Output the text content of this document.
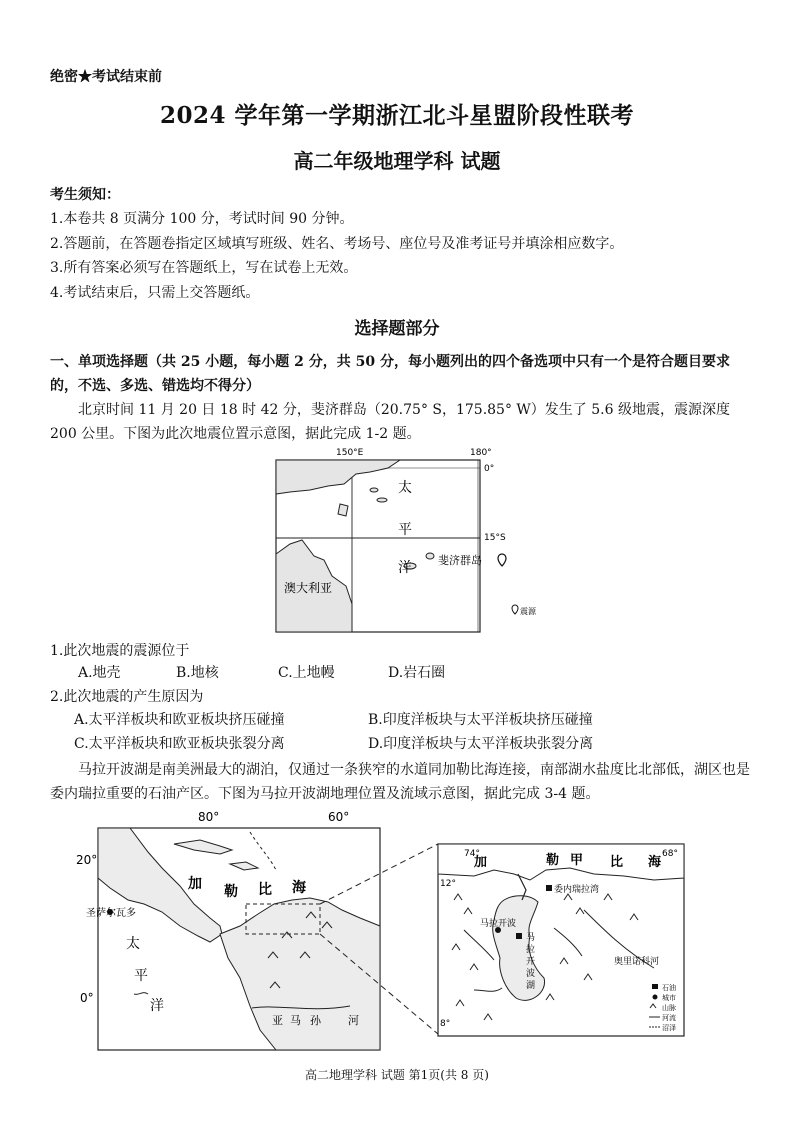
绝密★考试结束前
2024 学年第一学期浙江北斗星盟阶段性联考
高二年级地理学科 试题
考生须知：
1.本卷共 8 页满分 100 分，考试时间 90 分钟。
2.答题前，在答题卷指定区域填写班级、姓名、考场号、座位号及准考证号并填涂相应数字。
3.所有答案必须写在答题纸上，写在试卷上无效。
4.考试结束后，只需上交答题纸。
选择题部分
一、单项选择题（共 25 小题，每小题 2 分，共 50 分，每小题列出的四个备选项中只有一个是符合题目要求的，不选、多选、错选均不得分）
北京时间 11 月 20 日 18 时 42 分，斐济群岛（20.75° S，175.85° W）发生了 5.6 级地震，震源深度 200 公里。下图为此次地震位置示意图，据此完成 1-2 题。
150°E	180°
0°
15°S
太
平
洋 斐济群岛
澳大利亚
震源
1.此次地震的震源位于
A.地壳	B.地核	C.上地幔	D.岩石圈
2.此次地震的产生原因为
A.太平洋板块和欧亚板块挤压碰撞	B.印度洋板块与太平洋板块挤压碰撞
C.太平洋板块和欧亚板块张裂分离	D.印度洋板块与太平洋板块张裂分离
马拉开波湖是南美洲最大的湖泊，仅通过一条狭窄的水道同加勒比海连接，南部湖水盐度比北部低，湖区也是委内瑞拉重要的石油产区。下图为马拉开波湖地理位置及流域示意图，据此完成 3-4 题。
80°	60°
20°
0°
加 勒 比 海
圣萨尔瓦多
太
平
洋
亚 马 孙 河
74°	68°
12°
8°
加	勒 甲 比 海
委内瑞拉湾
马拉开波
马
拉
开
波
湖
奥里诺科河
石油
城市
山脉
河流
沼泽
高二地理学科 试题 第1页(共 8 页)
